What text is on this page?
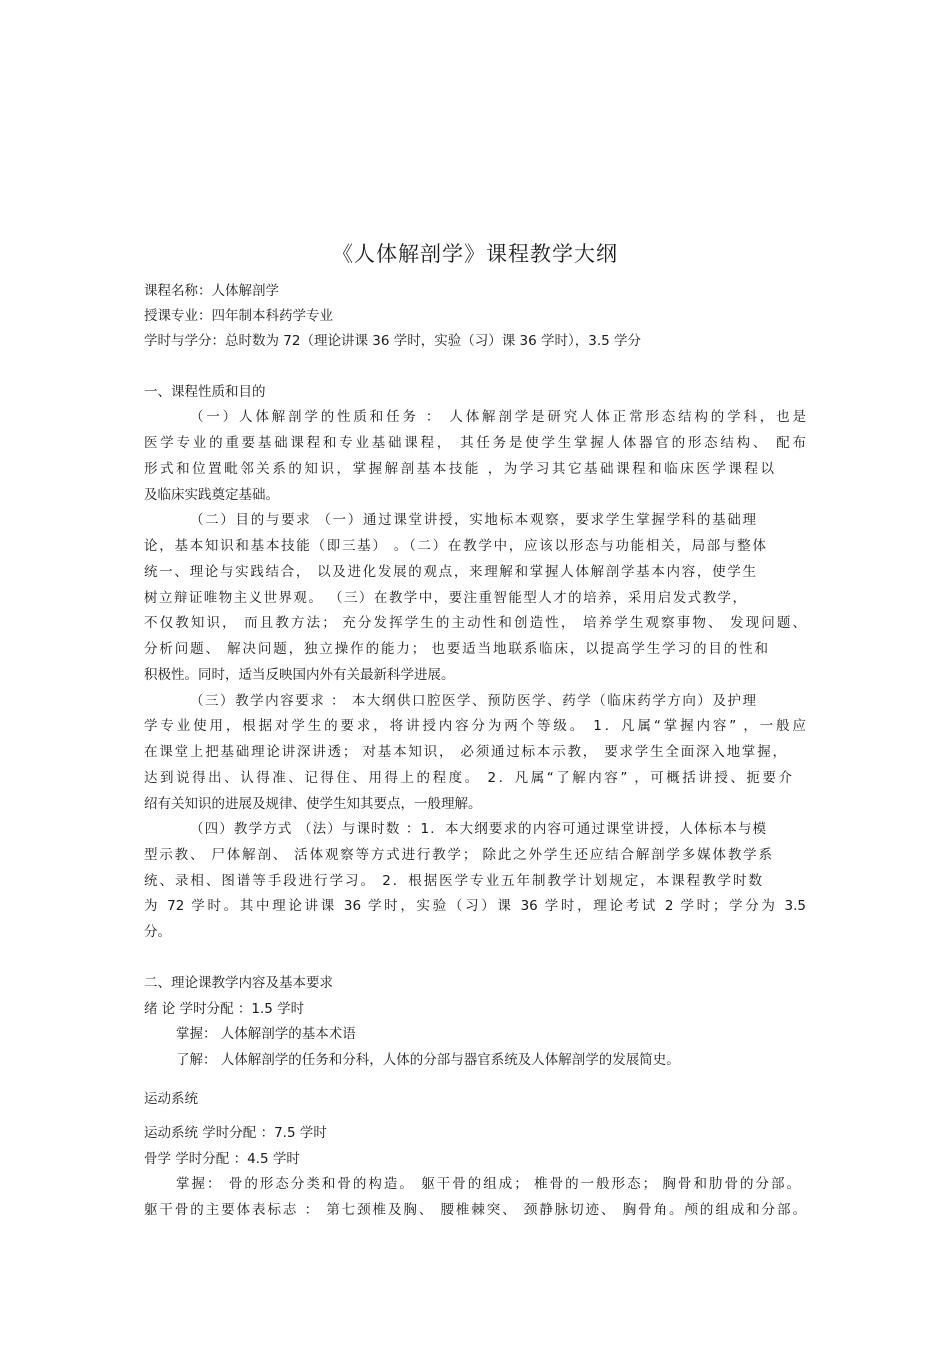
《人体解剖学》课程教学大纲
课程名称：人体解剖学
授课专业：四年制本科药学专业
学时与学分：总时数为 72（理论讲课 36 学时，实验（习）课 36 学时），3.5 学分
一、课程性质和目的
（一）人体解剖学的性质和任务 ： 人体解剖学是研究人体正常形态结构的学科，也是
医学专业的重要基础课程和专业基础课程， 其任务是使学生掌握人体器官的形态结构、 配布
形式和位置毗邻关系的知识，掌握解剖基本技能 ，为学习其它基础课程和临床医学课程以
及临床实践奠定基础。
（二）目的与要求 （一）通过课堂讲授，实地标本观察，要求学生掌握学科的基础理
论，基本知识和基本技能（即三基） 。（二）在教学中，应该以形态与功能相关，局部与整体
统一、理论与实践结合， 以及进化发展的观点，来理解和掌握人体解剖学基本内容，使学生
树立辩证唯物主义世界观。 （三）在教学中，要注重智能型人才的培养，采用启发式教学，
不仅教知识， 而且教方法； 充分发挥学生的主动性和创造性， 培养学生观察事物、 发现问题、
分析问题、 解决问题，独立操作的能力； 也要适当地联系临床，以提高学生学习的目的性和
积极性。同时，适当反映国内外有关最新科学进展。
（三）教学内容要求 ： 本大纲供口腔医学、预防医学、药学（临床药学方向）及护理
学专业使用，根据对学生的要求，将讲授内容分为两个等级。 1．凡属“掌握内容” ，一般应
在课堂上把基础理论讲深讲透； 对基本知识， 必须通过标本示教， 要求学生全面深入地掌握，
达到说得出、认得准、记得住、用得上的程度。 2．凡属“了解内容” ，可概括讲授、扼要介
绍有关知识的进展及规律、使学生知其要点，一般理解。
（四）教学方式 （法）与课时数 ：1．本大纲要求的内容可通过课堂讲授，人体标本与模
型示教、 尸体解剖、 活体观察等方式进行教学； 除此之外学生还应结合解剖学多媒体教学系
统、录相、图谱等手段进行学习。 2．根据医学专业五年制教学计划规定，本课程教学时数
为 72 学时。其中理论讲课 36 学时，实验（习）课 36 学时，理论考试 2 学时；学分为 3.5
分。
二、理论课教学内容及基本要求
绪 论 学时分配 ：1.5 学时
掌握： 人体解剖学的基本术语
了解： 人体解剖学的任务和分科，人体的分部与器官系统及人体解剖学的发展简史。
运动系统
运动系统 学时分配 ：7.5 学时
骨学 学时分配 ：4.5 学时
掌握： 骨的形态分类和骨的构造。 躯干骨的组成； 椎骨的一般形态； 胸骨和肋骨的分部。
躯干骨的主要体表标志 ： 第七颈椎及胸、 腰椎棘突、 颈静脉切迹、 胸骨角。颅的组成和分部。
